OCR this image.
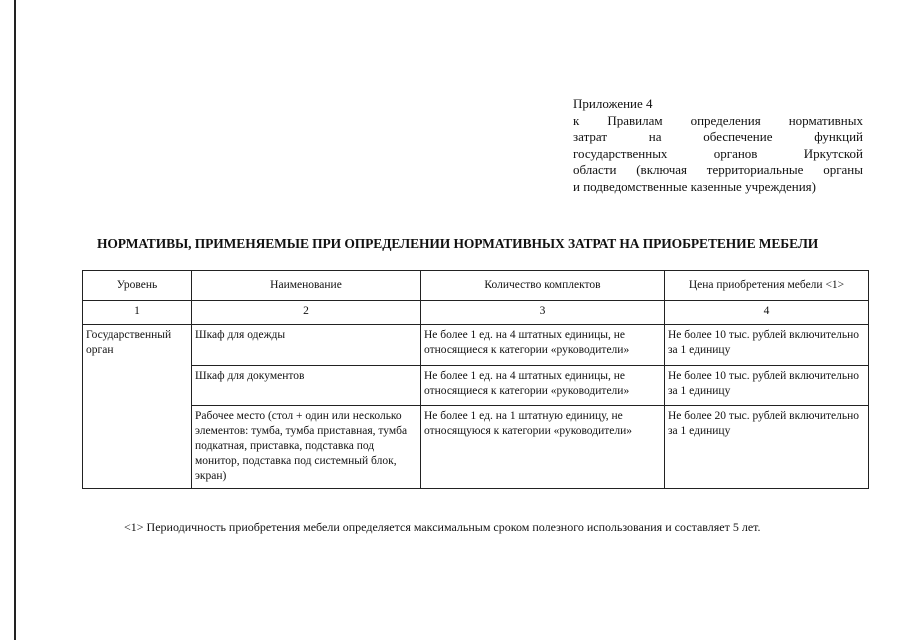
Приложение 4
к Правилам определения нормативных
затрат на обеспечение функций
государственных органов Иркутской
области (включая территориальные органы
и подведомственные казенные учреждения)
НОРМАТИВЫ, ПРИМЕНЯЕМЫЕ ПРИ ОПРЕДЕЛЕНИИ НОРМАТИВНЫХ ЗАТРАТ НА ПРИОБРЕТЕНИЕ МЕБЕЛИ
Уровень	Наименование	Количество комплектов	Цена приобретения мебели <1>
1	2	3	4
Государственный орган	Шкаф для одежды	Не более 1 ед. на 4 штатных единицы, не относящиеся к категории «руководители»	Не более 10 тыс. рублей включительно за 1 единицу
	Шкаф для документов	Не более 1 ед. на 4 штатных единицы, не относящиеся к категории «руководители»	Не более 10 тыс. рублей включительно за 1 единицу
	Рабочее место (стол + один или несколько элементов: тумба, тумба приставная, тумба подкатная, приставка, подставка под монитор, подставка под системный блок, экран)	Не более 1 ед. на 1 штатную единицу, не относящуюся к категории «руководители»	Не более 20 тыс. рублей включительно за 1 единицу
<1> Периодичность приобретения мебели определяется максимальным сроком полезного использования и составляет 5 лет.
